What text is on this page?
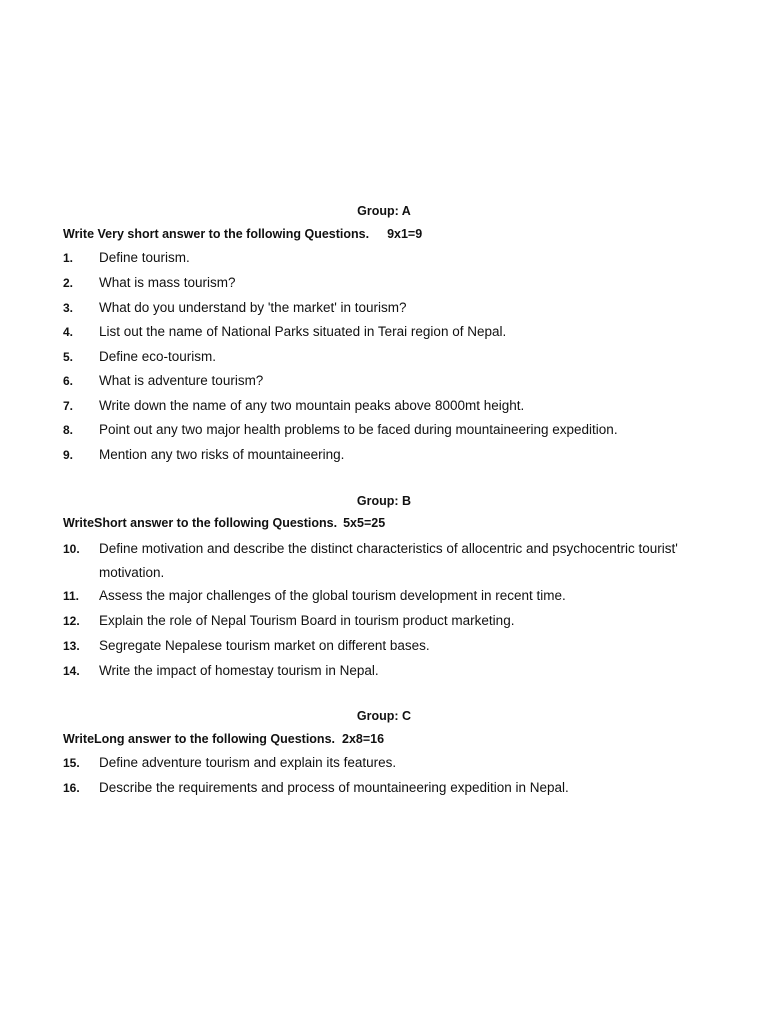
Group: A
Write Very short answer to the following Questions. 9x1=9
1.	Define tourism.
2.	What is mass tourism?
3.	What do you understand by 'the market' in tourism?
4.	List out the name of National Parks situated in Terai region of Nepal.
5.	Define eco-tourism.
6.	What is adventure tourism?
7.	Write down the name of any two mountain peaks above 8000mt height.
8.	Point out any two major health problems to be faced during mountaineering expedition.
9.	Mention any two risks of mountaineering.
Group: B
WriteShort answer to the following Questions. 5x5=25
10.	Define motivation and describe the distinct characteristics of allocentric and psychocentric tourist' motivation.
11.	Assess the major challenges of the global tourism development in recent time.
12.	Explain the role of Nepal Tourism Board in tourism product marketing.
13.	Segregate Nepalese tourism market on different bases.
14.	Write the impact of homestay tourism in Nepal.
Group: C
WriteLong answer to the following Questions. 2x8=16
15.	Define adventure tourism and explain its features.
16.	Describe the requirements and process of mountaineering expedition in Nepal.
